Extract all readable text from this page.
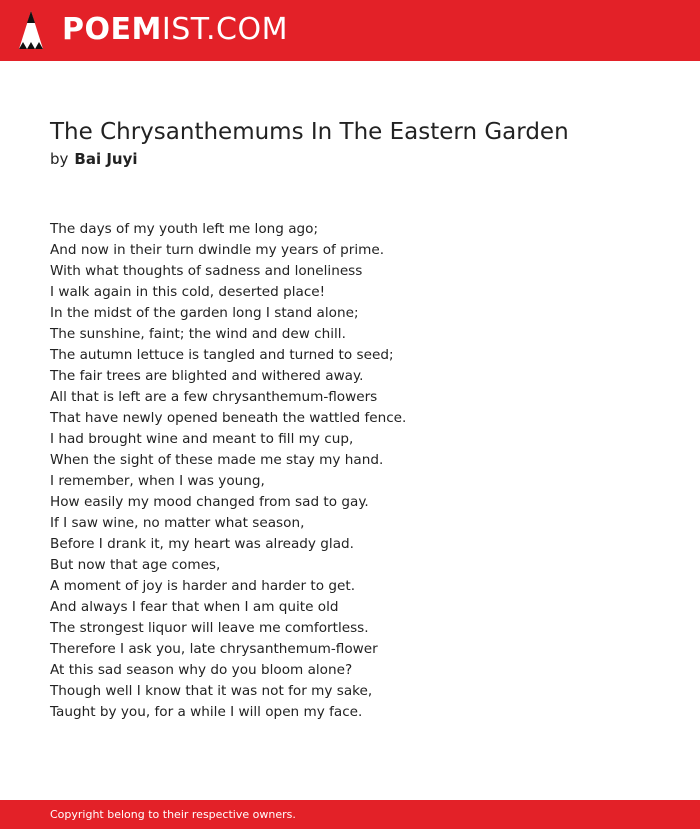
POEMIST.COM
The Chrysanthemums In The Eastern Garden
by Bai Juyi
The days of my youth left me long ago;
And now in their turn dwindle my years of prime.
With what thoughts of sadness and loneliness
I walk again in this cold, deserted place!
In the midst of the garden long I stand alone;
The sunshine, faint; the wind and dew chill.
The autumn lettuce is tangled and turned to seed;
The fair trees are blighted and withered away.
All that is left are a few chrysanthemum-flowers
That have newly opened beneath the wattled fence.
I had brought wine and meant to fill my cup,
When the sight of these made me stay my hand.
I remember, when I was young,
How easily my mood changed from sad to gay.
If I saw wine, no matter what season,
Before I drank it, my heart was already glad.
But now that age comes,
A moment of joy is harder and harder to get.
And always I fear that when I am quite old
The strongest liquor will leave me comfortless.
Therefore I ask you, late chrysanthemum-flower
At this sad season why do you bloom alone?
Though well I know that it was not for my sake,
Taught by you, for a while I will open my face.
Copyright belong to their respective owners.
